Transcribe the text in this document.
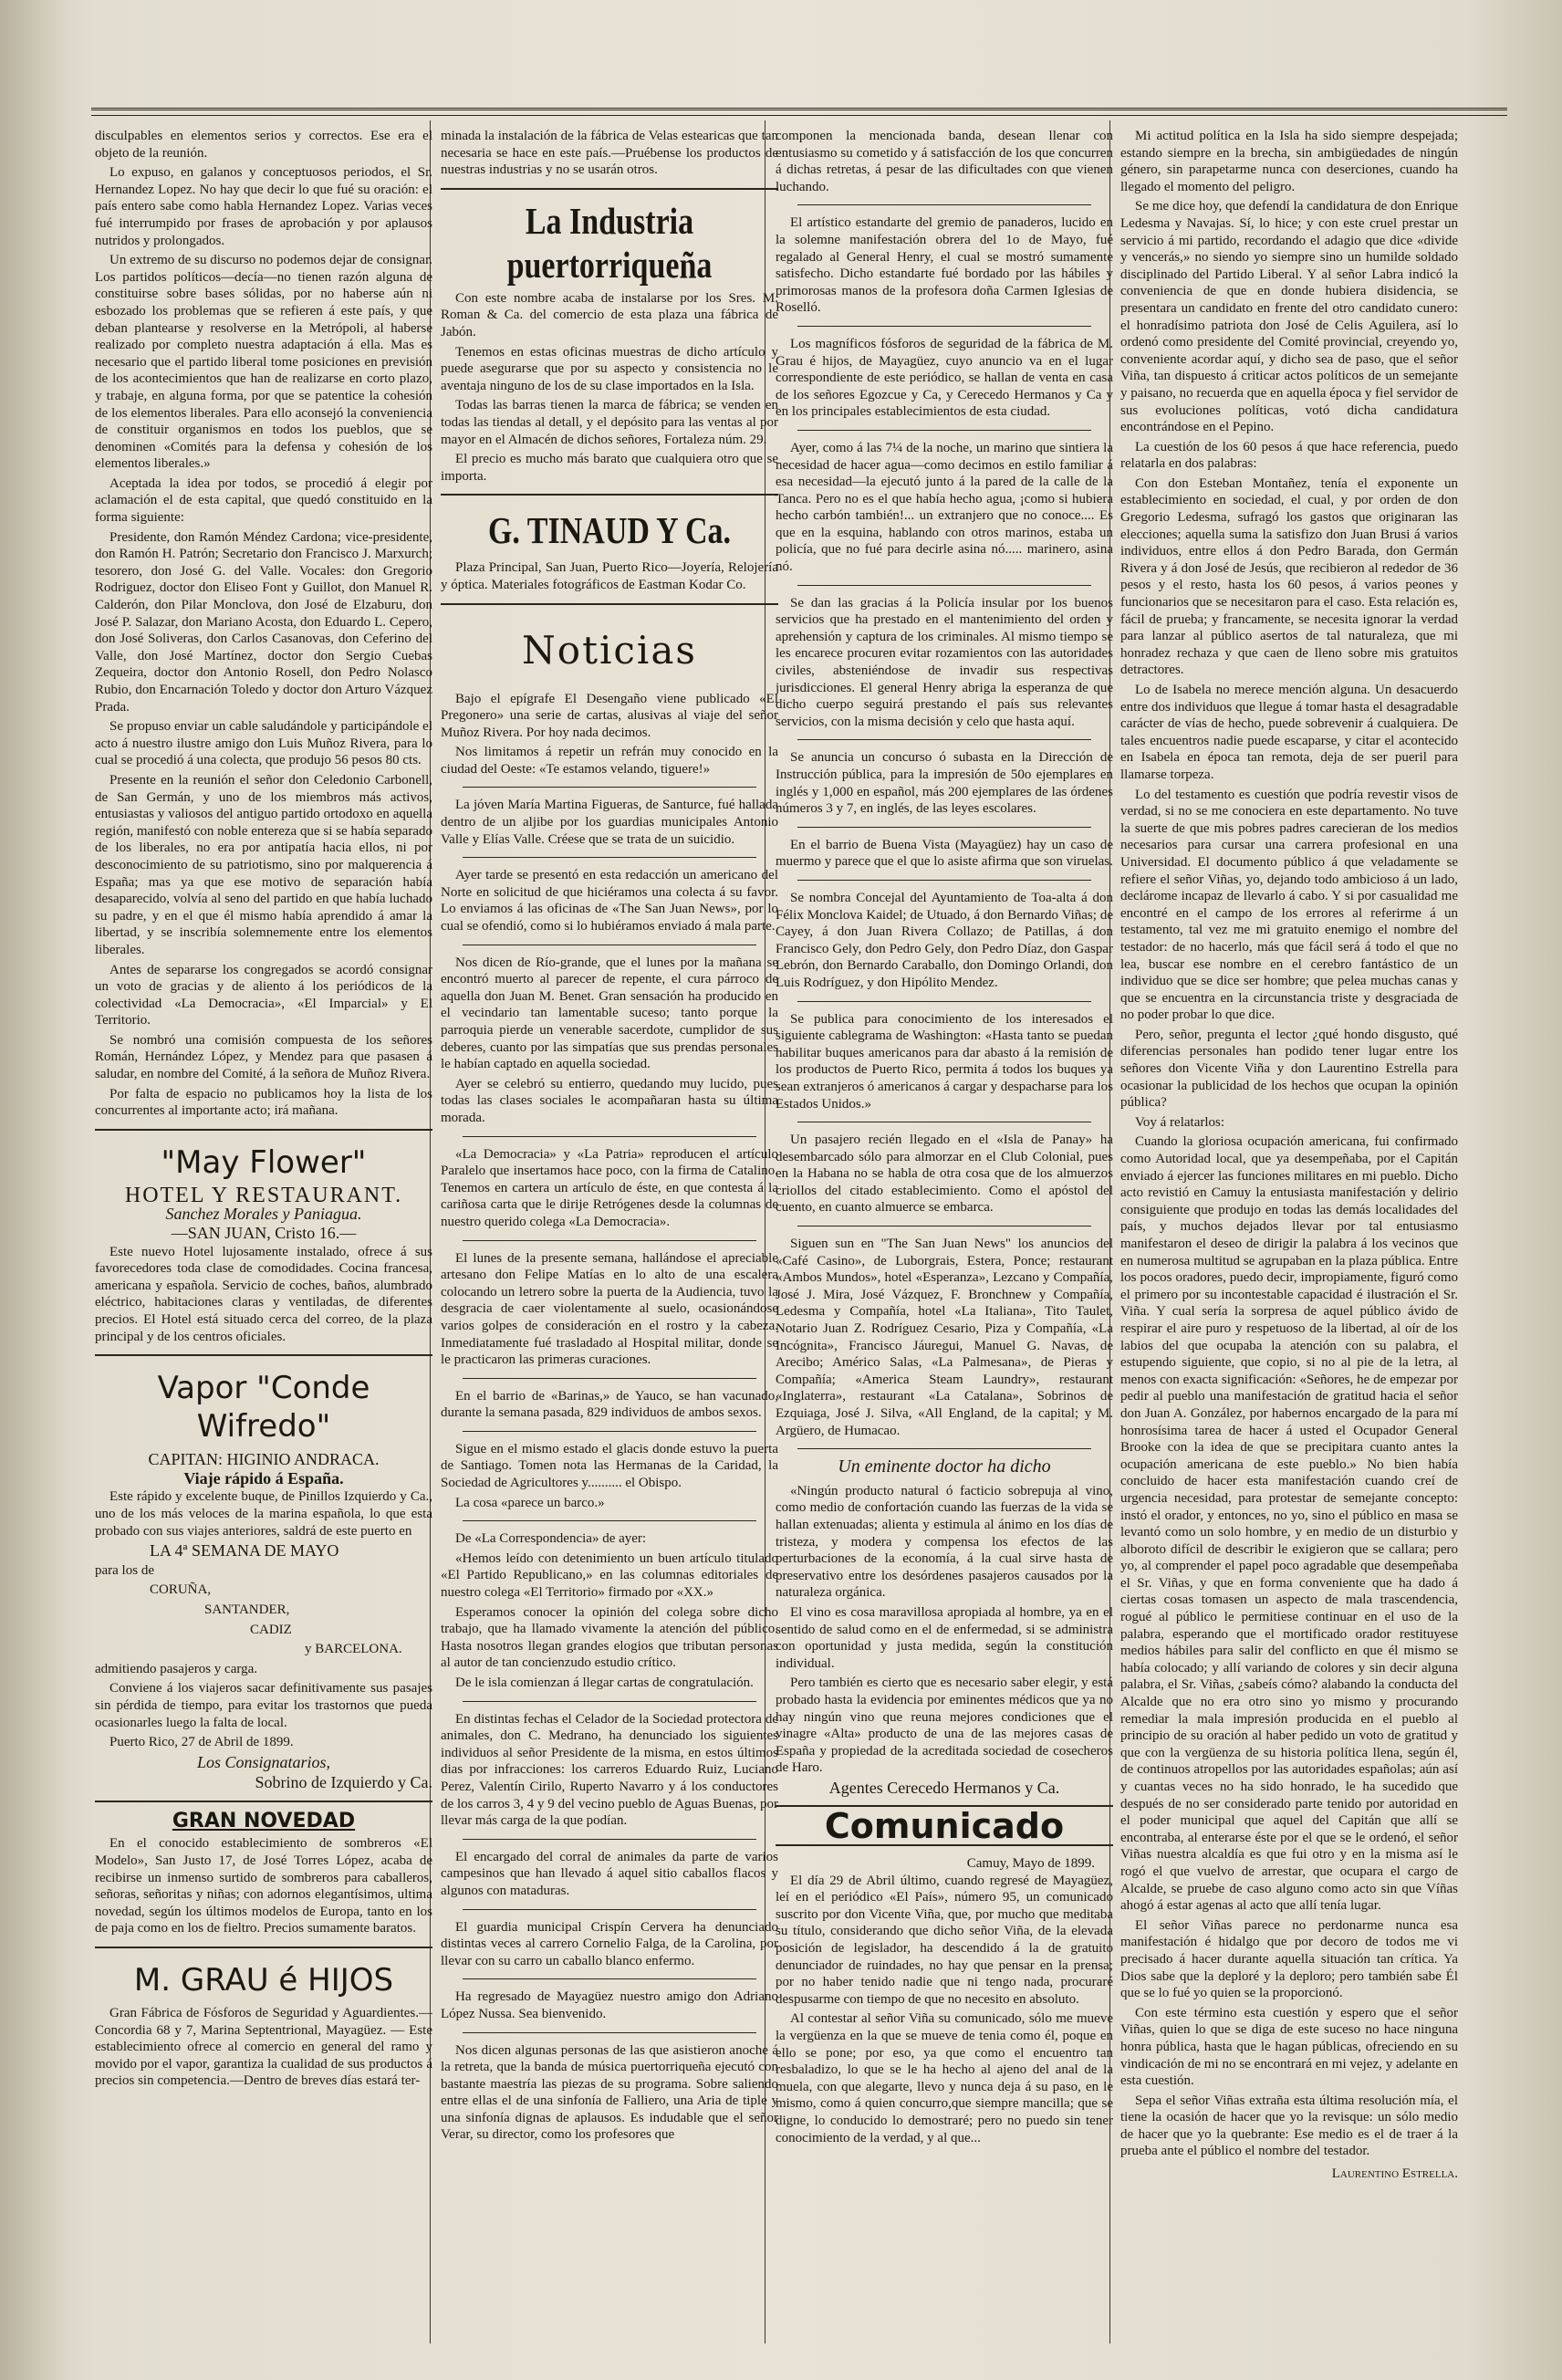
disculpables en elementos serios y correctos. Ese era el objeto de la reunión.

Lo expuso, en galanos y conceptuosos periodos, el Sr. Hernandez Lopez. No hay que decir lo que fué su oración: el país entero sabe como habla Hernandez Lopez. Varias veces fué interrumpido por frases de aprobación y por aplausos nutridos y prolongados.

Un extremo de su discurso no podemos dejar de consignar. Los partidos políticos—decía—no tienen razón alguna de constituirse sobre bases sólidas, por no haberse aún ni esbozado los problemas que se refieren á este país, y que deban plantearse y resolverse en la Metrópoli, al haberse realizado por completo nuestra adaptación á ella. Mas es necesario que el partido liberal tome posiciones en previsión de los acontecimientos que han de realizarse en corto plazo, y trabaje, en alguna forma, por que se patentice la cohesión de los elementos liberales. Para ello aconsejó la conveniencia de constituir organismos en todos los pueblos, que se denominen «Comités para la defensa y cohesión de los elementos liberales.»

Aceptada la idea por todos, se procedió á elegir por aclamación el de esta capital, que quedó constituido en la forma siguiente:

Presidente, don Ramón Méndez Cardona; vice-presidente, don Ramón H. Patrón; Secretario don Francisco J. Marxurch; tesorero, don José G. del Valle. Vocales: don Gregorio Rodriguez, doctor don Eliseo Font y Guillot, don Manuel R. Calderón, don Pilar Monclova, don José de Elzaburu, don José P. Salazar, don Mariano Acosta, don Eduardo L. Cepero, don José Soliveras, don Carlos Casanovas, don Ceferino del Valle, don José Martínez, doctor don Sergio Cuebas Zequeira, doctor don Antonio Rosell, don Pedro Nolasco Rubio, don Encarnación Toledo y doctor don Arturo Vázquez Prada.

Se propuso enviar un cable saludándole y participándole el acto á nuestro ilustre amigo don Luis Muñoz Rivera, para lo cual se procedió á una colecta, que produjo 56 pesos 80 cts.

Presente en la reunión el señor don Celedonio Carbonell, de San Germán, y uno de los miembros más activos, entusiastas y valiosos del antiguo partido ortodoxo en aquella región, manifestó con noble entereza que si se había separado de los liberales, no era por antipatía hacia ellos, ni por desconocimiento de su patriotismo, sino por malquerencia á España; mas ya que ese motivo de separación había desaparecido, volvía al seno del partido en que había luchado su padre, y en el que él mismo había aprendido á amar la libertad, y se inscribía solemnemente entre los elementos liberales.

Antes de separarse los congregados se acordó consignar un voto de gracias y de aliento á los periódicos de la colectividad «La Democracia», «El Imparcial» y El Territorio.

Se nombró una comisión compuesta de los señores Román, Hernández López, y Mendez para que pasasen á saludar, en nombre del Comité, á la señora de Muñoz Rivera.

Por falta de espacio no publicamos hoy la lista de los concurrentes al importante acto; irá mañana.

"May Flower"
HOTEL Y RESTAURANT.
Sanchez Morales y Paniagua.
—SAN JUAN, Cristo 16.—

Este nuevo Hotel lujosamente instalado, ofrece á sus favorecedores toda clase de comodidades. Cocina francesa, americana y española. Servicio de coches, baños, alumbrado eléctrico, habitaciones claras y ventiladas, de diferentes precios. El Hotel está situado cerca del correo, de la plaza principal y de los centros oficiales.

Vapor "Conde Wifredo"
CAPITAN: HIGINIO ANDRACA.
Viaje rápido á España.

Este rápido y excelente buque, de Pinillos Izquierdo y Ca., uno de los más veloces de la marina española, lo que esta probado con sus viajes anteriores, saldrá de este puerto en

LA 4ª SEMANA DE MAYO

para los de

CORUÑA,

SANTANDER,

CADIZ

y BARCELONA.

admitiendo pasajeros y carga.

Conviene á los viajeros sacar definitivamente sus pasajes sin pérdida de tiempo, para evitar los trastornos que pueda ocasionarles luego la falta de local.

Puerto Rico, 27 de Abril de 1899.

Los Consignatarios,
Sobrino de Izquierdo y Ca.
GRAN NOVEDAD

En el conocido establecimiento de sombreros «El Modelo», San Justo 17, de José Torres López, acaba de recibirse un inmenso surtido de sombreros para caballeros, señoras, señoritas y niñas; con adornos elegantísimos, ultima novedad, según los últimos modelos de Europa, tanto en los de paja como en los de fieltro. Precios sumamente baratos.

M. GRAU é HIJOS

Gran Fábrica de Fósforos de Seguridad y Aguardientes.—Concordia 68 y 7, Marina Septentrional, Mayagüez. — Este establecimiento ofrece al comercio en general del ramo y movido por el vapor, garantiza la cualidad de sus productos á precios sin competencia.—Dentro de breves días estará ter-

minada la instalación de la fábrica de Velas estearicas que tan necesaria se hace en este país.—Pruébense los productos de nuestras industrias y no se usarán otros.

La Industria puertorriqueña

Con este nombre acaba de instalarse por los Sres. M. Roman & Ca. del comercio de esta plaza una fábrica de Jabón.

Tenemos en estas oficinas muestras de dicho artículo y puede asegurarse que por su aspecto y consistencia no le aventaja ninguno de los de su clase importados en la Isla.

Todas las barras tienen la marca de fábrica; se venden en todas las tiendas al detall, y el depósito para las ventas al por mayor en el Almacén de dichos señores, Fortaleza núm. 29.

El precio es mucho más barato que cualquiera otro que se importa.

G. TINAUD Y Ca.

Plaza Principal, San Juan, Puerto Rico—Joyería, Relojería y óptica. Materiales fotográficos de Eastman Kodar Co.

Noticias

Bajo el epígrafe El Desengaño viene publicado «El Pregonero» una serie de cartas, alusivas al viaje del señor Muñoz Rivera. Por hoy nada decimos.

Nos limitamos á repetir un refrán muy conocido en la ciudad del Oeste: «Te estamos velando, tiguere!»

La jóven María Martina Figueras, de Santurce, fué hallada dentro de un aljibe por los guardias municipales Antonio Valle y Elías Valle. Créese que se trata de un suicidio.

Ayer tarde se presentó en esta redacción un americano del Norte en solicitud de que hiciéramos una colecta á su favor. Lo enviamos á las oficinas de «The San Juan News», por lo cual se ofendió, como si lo hubiéramos enviado á mala parte.

Nos dicen de Río-grande, que el lunes por la mañana se encontró muerto al parecer de repente, el cura párroco de aquella don Juan M. Benet. Gran sensación ha producido en el vecindario tan lamentable suceso; tanto porque la parroquia pierde un venerable sacerdote, cumplidor de sus deberes, cuanto por las simpatías que sus prendas personales le habían captado en aquella sociedad.

Ayer se celebró su entierro, quedando muy lucido, pues todas las clases sociales le acompañaran hasta su última morada.

«La Democracia» y «La Patria» reproducen el artículo Paralelo que insertamos hace poco, con la firma de Catalino. Tenemos en cartera un artículo de éste, en que contesta á la cariñosa carta que le dirije Retrógenes desde la columnas de nuestro querido colega «La Democracia».

El lunes de la presente semana, hallándose el apreciable artesano don Felipe Matías en lo alto de una escalera colocando un letrero sobre la puerta de la Audiencia, tuvo la desgracia de caer violentamente al suelo, ocasionándose varios golpes de consideración en el rostro y la cabeza. Inmediatamente fué trasladado al Hospital militar, donde se le practicaron las primeras curaciones.

En el barrio de «Barinas,» de Yauco, se han vacunado, durante la semana pasada, 829 individuos de ambos sexos.

Sigue en el mismo estado el glacis donde estuvo la puerta de Santiago. Tomen nota las Hermanas de la Caridad, la Sociedad de Agricultores y.......... el Obispo.

La cosa «parece un barco.»

De «La Correspondencia» de ayer:

«Hemos leído con detenimiento un buen artículo titulado «El Partido Republicano,» en las columnas editoriales de nuestro colega «El Territorio» firmado por «XX.»

Esperamos conocer la opinión del colega sobre dicho trabajo, que ha llamado vivamente la atención del público. Hasta nosotros llegan grandes elogios que tributan personas al autor de tan concienzudo estudio crítico.

De le isla comienzan á llegar cartas de congratulación.

En distintas fechas el Celador de la Sociedad protectora de animales, don C. Medrano, ha denunciado los siguientes individuos al señor Presidente de la misma, en estos últimos dias por infracciones: los carreros Eduardo Ruiz, Luciano Perez, Valentín Cirilo, Ruperto Navarro y á los conductores de los carros 3, 4 y 9 del vecino pueblo de Aguas Buenas, por llevar más carga de la que podían.

El encargado del corral de animales da parte de varios campesinos que han llevado á aquel sitio caballos flacos y algunos con mataduras.

El guardia municipal Crispín Cervera ha denunciado distintas veces al carrero Cornelio Falga, de la Carolina, por llevar con su carro un caballo blanco enfermo.

Ha regresado de Mayagüez nuestro amigo don Adriano López Nussa. Sea bienvenido.

Nos dicen algunas personas de las que asistieron anoche á la retreta, que la banda de música puertorriqueña ejecutó con bastante maestría las piezas de su programa. Sobre saliendo entre ellas el de una sinfonía de Falliero, una Aria de tiple y una sinfonía dignas de aplausos. Es indudable que el señor Verar, su director, como los profesores que

componen la mencionada banda, desean llenar con entusiasmo su cometido y á satisfacción de los que concurren á dichas retretas, á pesar de las dificultades con que vienen luchando.

El artístico estandarte del gremio de panaderos, lucido en la solemne manifestación obrera del 1o de Mayo, fué regalado al General Henry, el cual se mostró sumamente satisfecho. Dicho estandarte fué bordado por las hábiles y primorosas manos de la profesora doña Carmen Iglesias de Roselló.

Los magníficos fósforos de seguridad de la fábrica de M. Grau é hijos, de Mayagüez, cuyo anuncio va en el lugar correspondiente de este periódico, se hallan de venta en casa de los señores Egozcue y Ca, y Cerecedo Hermanos y Ca y en los principales establecimientos de esta ciudad.

Ayer, como á las 7¼ de la noche, un marino que sintiera la necesidad de hacer agua—como decimos en estilo familiar á esa necesidad—la ejecutó junto á la pared de la calle de la Tanca. Pero no es el que había hecho agua, ¡como si hubiera hecho carbón también!... un extranjero que no conoce.... Es que en la esquina, hablando con otros marinos, estaba un policía, que no fué para decirle asina nó..... marinero, asina nó.

Se dan las gracias á la Policía insular por los buenos servicios que ha prestado en el mantenimiento del orden y aprehensión y captura de los criminales. Al mismo tiempo se les encarece procuren evitar rozamientos con las autoridades civiles, absteniéndose de invadir sus respectivas jurisdicciones. El general Henry abriga la esperanza de que dicho cuerpo seguirá prestando el país sus relevantes servicios, con la misma decisión y celo que hasta aquí.

Se anuncia un concurso ó subasta en la Dirección de Instrucción pública, para la impresión de 50o ejemplares en inglés y 1,000 en español, más 200 ejemplares de las órdenes números 3 y 7, en inglés, de las leyes escolares.

En el barrio de Buena Vista (Mayagüez) hay un caso de muermo y parece que el que lo asiste afirma que son viruelas.

Se nombra Concejal del Ayuntamiento de Toa-alta á don Félix Monclova Kaidel; de Utuado, á don Bernardo Viñas; de Cayey, á don Juan Rivera Collazo; de Patillas, á don Francisco Gely, don Pedro Gely, don Pedro Díaz, don Gaspar Lebrón, don Bernardo Caraballo, don Domingo Orlandi, don Luis Rodríguez, y don Hipólito Mendez.

Se publica para conocimiento de los interesados el siguiente cablegrama de Washington: «Hasta tanto se puedan habilitar buques americanos para dar abasto á la remisión de los productos de Puerto Rico, permita á todos los buques ya sean extranjeros ó americanos á cargar y despacharse para los Estados Unidos.»

Un pasajero recién llegado en el «Isla de Panay» ha desembarcado sólo para almorzar en el Club Colonial, pues en la Habana no se habla de otra cosa que de los almuerzos criollos del citado establecimiento. Como el apóstol del cuento, en cuanto almuerce se embarca.

Siguen sun en "The San Juan News" los anuncios del «Café Casino», de Luborgrais, Estera, Ponce; restaurant «Ambos Mundos», hotel «Esperanza», Lezcano y Compañía, José J. Mira, José Vázquez, F. Bronchnew y Compañía, Ledesma y Compañía, hotel «La Italiana», Tito Taulet, Notario Juan Z. Rodríguez Cesario, Piza y Compañía, «La Incógnita», Francisco Jáuregui, Manuel G. Navas, de Arecibo; Américo Salas, «La Palmesana», de Pieras y Compañía; «America Steam Laundry», restaurant «Inglaterra», restaurant «La Catalana», Sobrinos de Ezquiaga, José J. Silva, «All England, de la capital; y M. Argüero, de Humacao.

Un eminente doctor ha dicho

«Ningún producto natural ó facticio sobrepuja al vino, como medio de confortación cuando las fuerzas de la vida se hallan extenuadas; alienta y estimula al ánimo en los días de tristeza, y modera y compensa los efectos de las perturbaciones de la economía, á la cual sirve hasta de preservativo entre los desórdenes pasajeros causados por la naturaleza orgánica.

El vino es cosa maravillosa apropiada al hombre, ya en el sentido de salud como en el de enfermedad, si se administra con oportunidad y justa medida, según la constitución individual.

Pero también es cierto que es necesario saber elegir, y está probado hasta la evidencia por eminentes médicos que ya no hay ningún vino que reuna mejores condiciones que el vinagre «Alta» producto de una de las mejores casas de España y propiedad de la acreditada sociedad de cosecheros de Haro.

Agentes Cerecedo Hermanos y Ca.
Comunicado
Camuy, Mayo de 1899.

El día 29 de Abril último, cuando regresé de Mayagüez, leí en el periódico «El País», número 95, un comunicado suscrito por don Vicente Viña, que, por mucho que meditaba su título, considerando que dicho señor Viña, de la elevada posición de legislador, ha descendido á la de gratuito denunciador de ruindades, no hay que pensar en la prensa; por no haber tenido nadie que ni tengo nada, procuraré despusarme con tiempo de que no necesito en absoluto.

Al contestar al señor Viña su comunicado, sólo me mueve la vergüenza en la que se mueve de tenia como él, poque en ello se pone; por eso, ya que como el encuentro tan resbaladizo, lo que se le ha hecho al ajeno del anal de la muela, con que alegarte, llevo y nunca deja á su paso, en le mismo, como á quien concurro,que siempre mancilla; que se digne, lo conducido lo demostraré; pero no puedo sin tener conocimiento de la verdad, y al que...

Mi actitud política en la Isla ha sido siempre despejada; estando siempre en la brecha, sin ambigüedades de ningún género, sin parapetarme nunca con deserciones, cuando ha llegado el momento del peligro.

Se me dice hoy, que defendí la candidatura de don Enrique Ledesma y Navajas. Sí, lo hice; y con este cruel prestar un servicio á mi partido, recordando el adagio que dice «divide y vencerás,» no siendo yo siempre sino un humilde soldado disciplinado del Partido Liberal. Y al señor Labra indicó la conveniencia de que en donde hubiera disidencia, se presentara un candidato en frente del otro candidato cunero: el honradísimo patriota don José de Celis Aguilera, así lo ordenó como presidente del Comité provincial, creyendo yo, conveniente acordar aquí, y dicho sea de paso, que el señor Viña, tan dispuesto á criticar actos políticos de un semejante y paisano, no recuerda que en aquella época y fiel servidor de sus evoluciones políticas, votó dicha candidatura encontrándose en el Pepino.

La cuestión de los 60 pesos á que hace referencia, puedo relatarla en dos palabras:

Con don Esteban Montañez, tenía el exponente un establecimiento en sociedad, el cual, y por orden de don Gregorio Ledesma, sufragó los gastos que originaran las elecciones; aquella suma la satisfizo don Juan Brusi á varios individuos, entre ellos á don Pedro Barada, don Germán Rivera y á don José de Jesús, que recibieron al rededor de 36 pesos y el resto, hasta los 60 pesos, á varios peones y funcionarios que se necesitaron para el caso. Esta relación es, fácil de prueba; y francamente, se necesita ignorar la verdad para lanzar al público asertos de tal naturaleza, que mi honradez rechaza y que caen de lleno sobre mis gratuitos detractores.

Lo de Isabela no merece mención alguna. Un desacuerdo entre dos individuos que llegue á tomar hasta el desagradable carácter de vías de hecho, puede sobrevenir á cualquiera. De tales encuentros nadie puede escaparse, y citar el acontecido en Isabela en época tan remota, deja de ser pueril para llamarse torpeza.

Lo del testamento es cuestión que podría revestir visos de verdad, si no se me conociera en este departamento. No tuve la suerte de que mis pobres padres carecieran de los medios necesarios para cursar una carrera profesional en una Universidad. El documento público á que veladamente se refiere el señor Viñas, yo, dejando todo ambicioso á un lado, declárome incapaz de llevarlo á cabo. Y si por casualidad me encontré en el campo de los errores al referirme á un testamento, tal vez me mi gratuito enemigo el nombre del testador: de no hacerlo, más que fácil será á todo el que no lea, buscar ese nombre en el cerebro fantástico de un individuo que se dice ser hombre; que pelea muchas canas y que se encuentra en la circunstancia triste y desgraciada de no poder probar lo que dice.

Pero, señor, pregunta el lector ¿qué hondo disgusto, qué diferencias personales han podido tener lugar entre los señores don Vicente Viña y don Laurentino Estrella para ocasionar la publicidad de los hechos que ocupan la opinión pública?

Voy á relatarlos:

Cuando la gloriosa ocupación americana, fui confirmado como Autoridad local, que ya desempeñaba, por el Capitán enviado á ejercer las funciones militares en mi pueblo. Dicho acto revistió en Camuy la entusiasta manifestación y delirio consiguiente que produjo en todas las demás localidades del país, y muchos dejados llevar por tal entusiasmo manifestaron el deseo de dirigir la palabra á los vecinos que en numerosa multitud se agrupaban en la plaza pública. Entre los pocos oradores, puedo decir, impropiamente, figuró como el primero por su incontestable capacidad é ilustración el Sr. Viña. Y cual sería la sorpresa de aquel público ávido de respirar el aire puro y respetuoso de la libertad, al oír de los labios del que ocupaba la atención con su palabra, el estupendo siguiente, que copio, si no al pie de la letra, al menos con exacta significación: «Señores, he de empezar por pedir al pueblo una manifestación de gratitud hacia el señor don Juan A. González, por habernos encargado de la para mí honrosísima tarea de hacer á usted el Ocupador General Brooke con la idea de que se precipitara cuanto antes la ocupación americana de este pueblo.» No bien había concluido de hacer esta manifestación cuando creí de urgencia necesidad, para protestar de semejante concepto: instó el orador, y entonces, no yo, sino el público en masa se levantó como un solo hombre, y en medio de un disturbio y alboroto difícil de describir le exigieron que se callara; pero yo, al comprender el papel poco agradable que desempeñaba el Sr. Viñas, y que en forma conveniente que ha dado á ciertas cosas tomasen un aspecto de mala trascendencia, rogué al público le permitiese continuar en el uso de la palabra, esperando que el mortificado orador restituyese medios hábiles para salir del conflicto en que él mismo se había colocado; y allí variando de colores y sin decir alguna palabra, el Sr. Viñas, ¿sabeís cómo? alabando la conducta del Alcalde que no era otro sino yo mismo y procurando remediar la mala impresión producida en el pueblo al principio de su oración al haber pedido un voto de gratitud y que con la vergüenza de su historia política llena, según él, de continuos atropellos por las autoridades españolas; aún así y cuantas veces no ha sido honrado, le ha sucedido que después de no ser considerado parte tenido por autoridad en el poder municipal que aquel del Capitán que allí se encontraba, al enterarse éste por el que se le ordenó, el señor Viñas nuestra alcaldía es que fui otro y en la misma así le rogó el que vuelvo de arrestar, que ocupara el cargo de Alcalde, se pruebe de caso alguno como acto sin que Víñas ahogó á estar agenas al acto que allí tenía lugar.

El señor Viñas parece no perdonarme nunca esa manifestación é hidalgo que por decoro de todos me vi precisado á hacer durante aquella situación tan crítica. Ya Dios sabe que la deploré y la deploro; pero también sabe Él que se lo fué yo quien se la proporcionó.

Con este término esta cuestión y espero que el señor Viñas, quien lo que se diga de este suceso no hace ninguna honra pública, hasta que le hagan públicas, ofreciendo en su vindicación de mi no se encontrará en mi vejez, y adelante en esta cuestión.

Sepa el señor Viñas extraña esta última resolución mía, el tiene la ocasión de hacer que yo la revisque: un sólo medio de hacer que yo la quebrante: Ese medio es el de traer á la prueba ante el público el nombre del testador.

Laurentino Estrella.
